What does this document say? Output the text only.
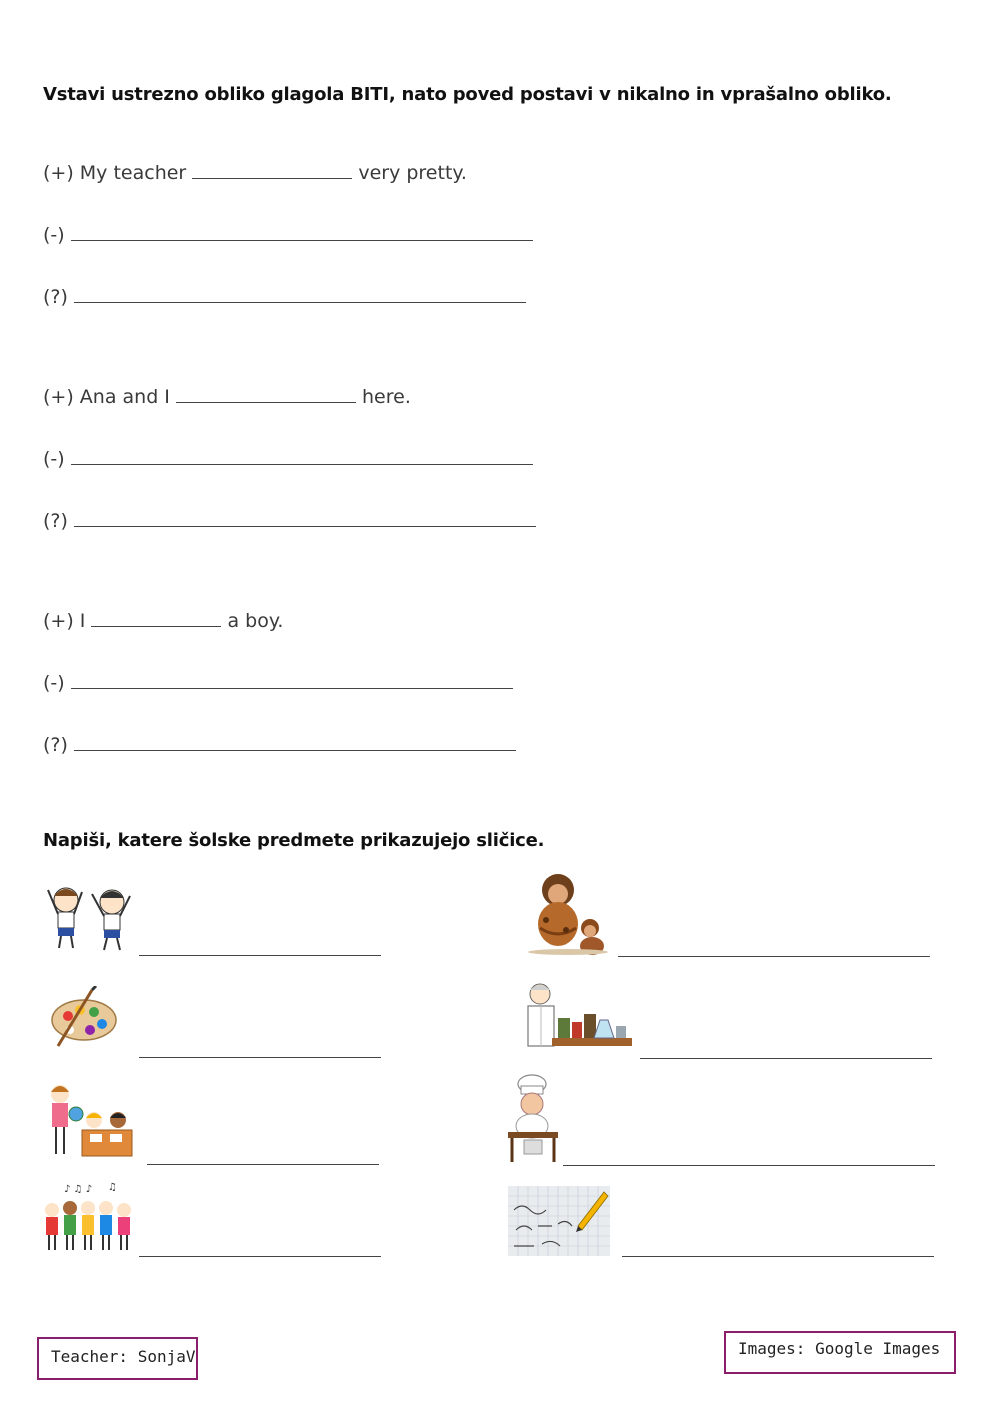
Vstavi ustrezno obliko glagola BITI, nato poved postavi v nikalno in vprašalno obliko.
(+) My teacher	very pretty.
(-)
(?)
(+) Ana and I	here.
(-)
(?)
(+) I	a boy.
(-)
(?)
Napiši, katere šolske predmete prikazujejo sličice.
♪ ♫ ♪ ♫
Teacher: SonjaV	Images: Google Images
